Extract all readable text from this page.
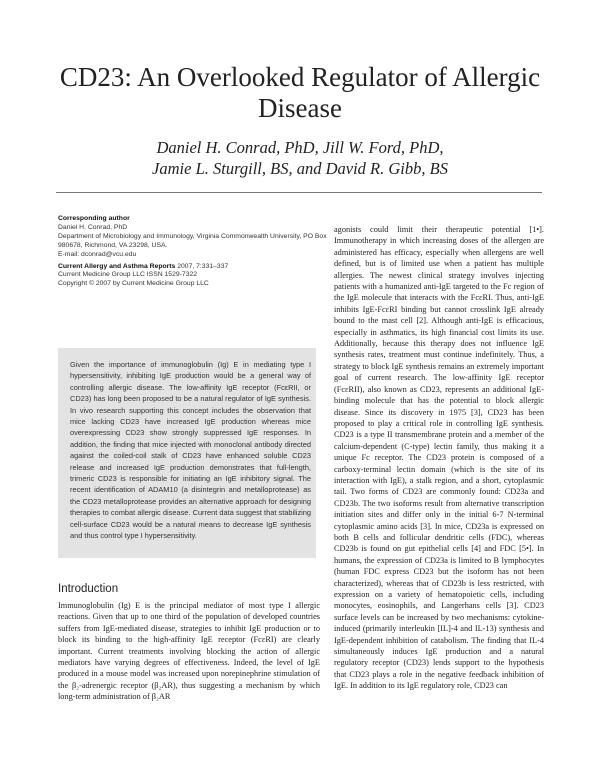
CD23: An Overlooked Regulator of Allergic Disease
Daniel H. Conrad, PhD, Jill W. Ford, PhD,
Jamie L. Sturgill, BS, and David R. Gibb, BS
Corresponding author
Daniel H. Conrad, PhD
Department of Microbiology and Immunology, Virginia Commonwealth University, PO Box 980678, Richmond, VA 23298, USA.
E-mail: dconrad@vcu.edu
Current Allergy and Asthma Reports 2007, 7:331–337
Current Medicine Group LLC ISSN 1529-7322
Copyright © 2007 by Current Medicine Group LLC

Given the importance of immunoglobulin (Ig) E in mediating type I hypersensitivity, inhibiting IgE production would be a general way of controlling allergic disease. The low-affinity IgE receptor (FcεRII, or CD23) has long been proposed to be a natural regulator of IgE synthesis. In vivo research supporting this concept includes the observation that mice lacking CD23 have increased IgE production whereas mice overexpressing CD23 show strongly suppressed IgE responses. In addition, the finding that mice injected with monoclonal antibody directed against the coiled-coil stalk of CD23 have enhanced soluble CD23 release and increased IgE production demonstrates that full-length, trimeric CD23 is responsible for initiating an IgE inhibitory signal. The recent identification of ADAM10 (a disintegrin and metalloprotease) as the CD23 metalloprotease provides an alternative approach for designing therapies to combat allergic disease. Current data suggest that stabilizing cell-surface CD23 would be a natural means to decrease IgE synthesis and thus control type I hypersensitivity.

Introduction

Immunoglobulin (Ig) E is the principal mediator of most type I allergic reactions. Given that up to one third of the population of developed countries suffers from IgE-mediated disease, strategies to inhibit IgE production or to block its binding to the high-affinity IgE receptor (FcεRI) are clearly important. Current treatments involving blocking the action of allergic mediators have varying degrees of effectiveness. Indeed, the level of IgE produced in a mouse model was increased upon norepinephrine stimulation of the β₂-adrenergic receptor (β₂AR), thus suggesting a mechanism by which long-term administration of β₂AR

agonists could limit their therapeutic potential [1•]. Immunotherapy in which increasing doses of the allergen are administered has efficacy, especially when allergens are well defined, but is of limited use when a patient has multiple allergies. The newest clinical strategy involves injecting patients with a humanized anti-IgE targeted to the Fc region of the IgE molecule that interacts with the FcεRI. Thus, anti-IgE inhibits IgE-FcεRI binding but cannot crosslink IgE already bound to the mast cell [2]. Although anti-IgE is efficacious, especially in asthmatics, its high financial cost limits its use. Additionally, because this therapy does not influence IgE synthesis rates, treatment must continue indefinitely. Thus, a strategy to block IgE synthesis remains an extremely important goal of current research. The low-affinity IgE receptor (FcεRII), also known as CD23, represents an additional IgE-binding molecule that has the potential to block allergic disease. Since its discovery in 1975 [3], CD23 has been proposed to play a critical role in controlling IgE synthesis. CD23 is a type II transmembrane protein and a member of the calcium-dependent (C-type) lectin family, thus making it a unique Fc receptor. The CD23 protein is composed of a carboxy-terminal lectin domain (which is the site of its interaction with IgE), a stalk region, and a short, cytoplasmic tail. Two forms of CD23 are commonly found: CD23a and CD23b. The two isoforms result from alternative transcription initiation sites and differ only in the initial 6-7 N-terminal cytoplasmic amino acids [3]. In mice, CD23a is expressed on both B cells and follicular dendritic cells (FDC), whereas CD23b is found on gut epithelial cells [4] and FDC [5•]. In humans, the expression of CD23a is limited to B lymphocytes (human FDC express CD23 but the isoform has not been characterized), whereas that of CD23b is less restricted, with expression on a variety of hematopoietic cells, including monocytes, eosinophils, and Langerhans cells [3]. CD23 surface levels can be increased by two mechanisms: cytokine-induced (primarily interleukin [IL]-4 and IL-13) synthesis and IgE-dependent inhibition of catabolism. The finding that IL-4 simultaneously induces IgE production and a natural regulatory receptor (CD23) lends support to the hypothesis that CD23 plays a role in the negative feedback inhibition of IgE. In addition to its IgE regulatory role, CD23 can
